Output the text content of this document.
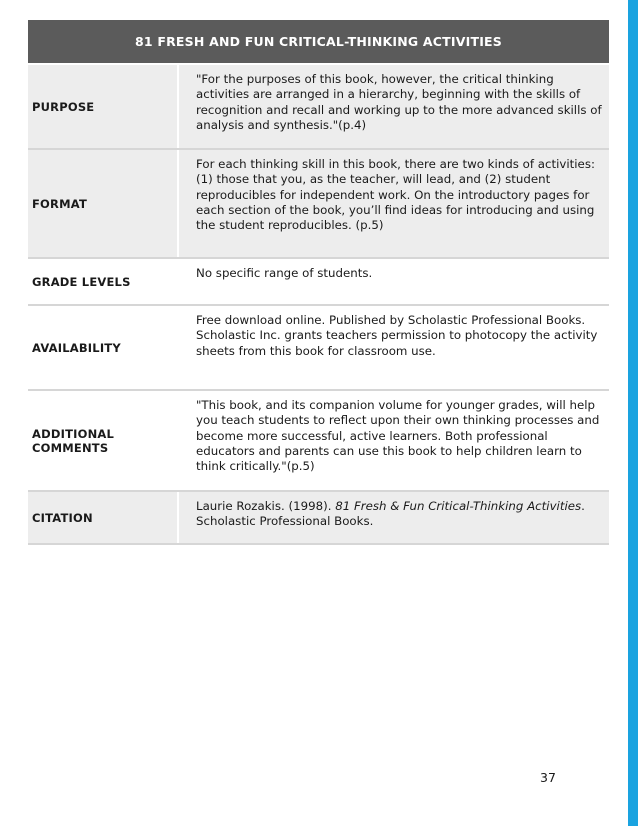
81 FRESH AND FUN CRITICAL-THINKING ACTIVITIES	
PURPOSE	"For the purposes of this book, however, the critical thinking activities are arranged in a hierarchy, beginning with the skills of recognition and recall and working up to the more advanced skills of analysis and synthesis."(p.4)
FORMAT	For each thinking skill in this book, there are two kinds of activities: (1) those that you, as the teacher, will lead, and (2) student reproducibles for independent work. On the introductory pages for each section of the book, you’ll find ideas for introducing and using the student reproducibles. (p.5)
GRADE LEVELS	No specific range of students.
AVAILABILITY	Free download online. Published by Scholastic Professional Books. Scholastic Inc. grants teachers permission to photocopy the activity sheets from this book for classroom use.
ADDITIONAL COMMENTS	"This book, and its companion volume for younger grades, will help you teach students to reflect upon their own thinking processes and become more successful, active learners. Both professional educators and parents can use this book to help children learn to think critically."(p.5)
CITATION	Laurie Rozakis. (1998). 81 Fresh & Fun Critical-Thinking Activities. Scholastic Professional Books.
37
